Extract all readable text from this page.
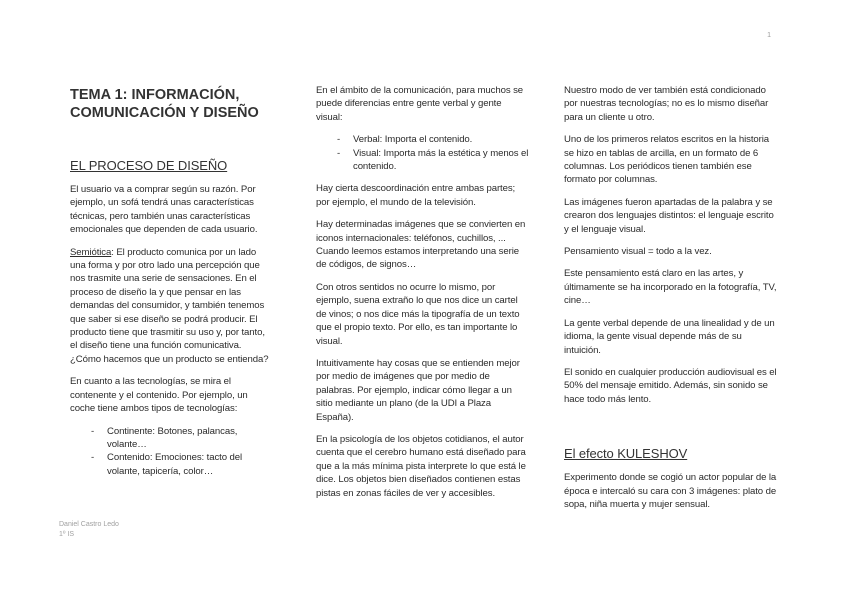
1
TEMA 1: INFORMACIÓN,
COMUNICACIÓN Y DISEÑO
EL PROCESO DE DISEÑO

El usuario va a comprar según su razón. Por ejemplo, un sofá tendrá unas características técnicas, pero también unas características emocionales que dependen de cada usuario.

Semiótica: El producto comunica por un lado una forma y por otro lado una percepción que nos trasmite una serie de sensaciones. En el proceso de diseño la y que pensar en las demandas del consumidor, y también tenemos que saber si ese diseño se podrá producir. El producto tiene que trasmitir su uso y, por tanto, el diseño tiene una función comunicativa. ¿Cómo hacemos que un producto se entienda?

En cuanto a las tecnologías, se mira el contenente y el contenido. Por ejemplo, un coche tiene ambos tipos de tecnologías:

- Continente: Botones, palancas, volante…
- Contenido: Emociones: tacto del volante, tapicería, color…

En el ámbito de la comunicación, para muchos se puede diferencias entre gente verbal y gente visual:

- Verbal: Importa el contenido.
- Visual: Importa más la estética y menos el contenido.

Hay cierta descoordinación entre ambas partes; por ejemplo, el mundo de la televisión.

Hay determinadas imágenes que se convierten en iconos internacionales: teléfonos, cuchillos, ... Cuando leemos estamos interpretando una serie de códigos, de signos…

Con otros sentidos no ocurre lo mismo, por ejemplo, suena extraño lo que nos dice un cartel de vinos; o nos dice más la tipografía de un texto que el propio texto. Por ello, es tan importante lo visual.

Intuitivamente hay cosas que se entienden mejor por medio de imágenes que por medio de palabras. Por ejemplo, indicar cómo llegar a un sitio mediante un plano (de la UDI a Plaza España).

En la psicología de los objetos cotidianos, el autor cuenta que el cerebro humano está diseñado para que a la más mínima pista interprete lo que está le dice. Los objetos bien diseñados contienen estas pistas en zonas fáciles de ver y accesibles.

Nuestro modo de ver también está condicionado por nuestras tecnologías; no es lo mismo diseñar para un cliente u otro.

Uno de los primeros relatos escritos en la historia se hizo en tablas de arcilla, en un formato de 6 columnas. Los periódicos tienen también ese formato por columnas.

Las imágenes fueron apartadas de la palabra y se crearon dos lenguajes distintos: el lenguaje escrito y el lenguaje visual.

Pensamiento visual = todo a la vez.

Este pensamiento está claro en las artes, y últimamente se ha incorporado en la fotografía, TV, cine…

La gente verbal depende de una linealidad y de un idioma, la gente visual depende más de su intuición.

El sonido en cualquier producción audiovisual es el 50% del mensaje emitido. Además, sin sonido se hace todo más lento.

El efecto KULESHOV

Experimento donde se cogió un actor popular de la época e intercaló su cara con 3 imágenes: plato de sopa, niña muerta y mujer sensual.

Daniel Castro Ledo
1º IS
